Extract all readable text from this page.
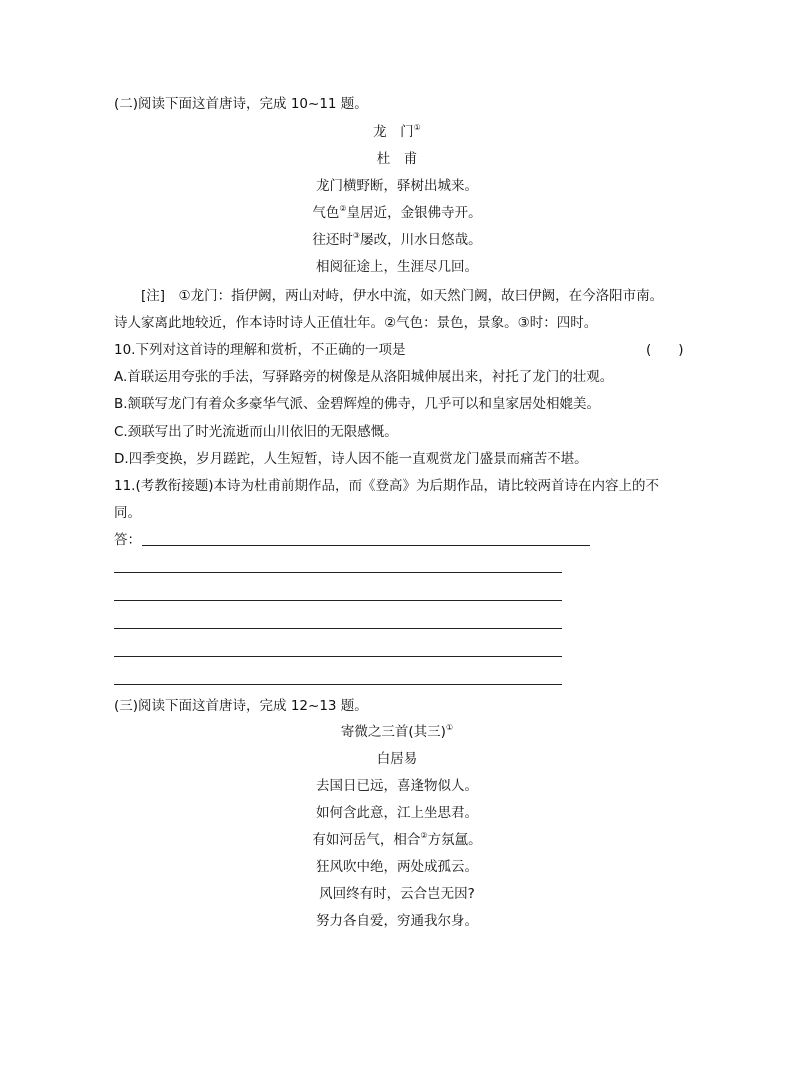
(二)阅读下面这首唐诗，完成 10~11 题。
龙　门①
杜　甫
龙门横野断，驿树出城来。
气色②皇居近，金银佛寺开。
往还时③屡改，川水日悠哉。
相阅征途上，生涯尽几回。
[注]　①龙门：指伊阙，两山对峙，伊水中流，如天然门阙，故曰伊阙，在今洛阳市南。
诗人家离此地较近，作本诗时诗人正值壮年。②气色：景色，景象。③时：四时。
10.下列对这首诗的理解和赏析，不正确的一项是	(　　)
A.首联运用夸张的手法，写驿路旁的树像是从洛阳城伸展出来，衬托了龙门的壮观。
B.颔联写龙门有着众多豪华气派、金碧辉煌的佛寺，几乎可以和皇家居处相媲美。
C.颈联写出了时光流逝而山川依旧的无限感慨。
D.四季变换，岁月蹉跎，人生短暂，诗人因不能一直观赏龙门盛景而痛苦不堪。
11.(考教衔接题)本诗为杜甫前期作品，而《登高》为后期作品，请比较两首诗在内容上的不
同。
答：
(三)阅读下面这首唐诗，完成 12~13 题。
寄微之三首(其三)①
白居易
去国日已远，喜逢物似人。
如何含此意，江上坐思君。
有如河岳气，相合②方氛氲。
狂风吹中绝，两处成孤云。
风回终有时，云合岂无因?
努力各自爱，穷通我尔身。
